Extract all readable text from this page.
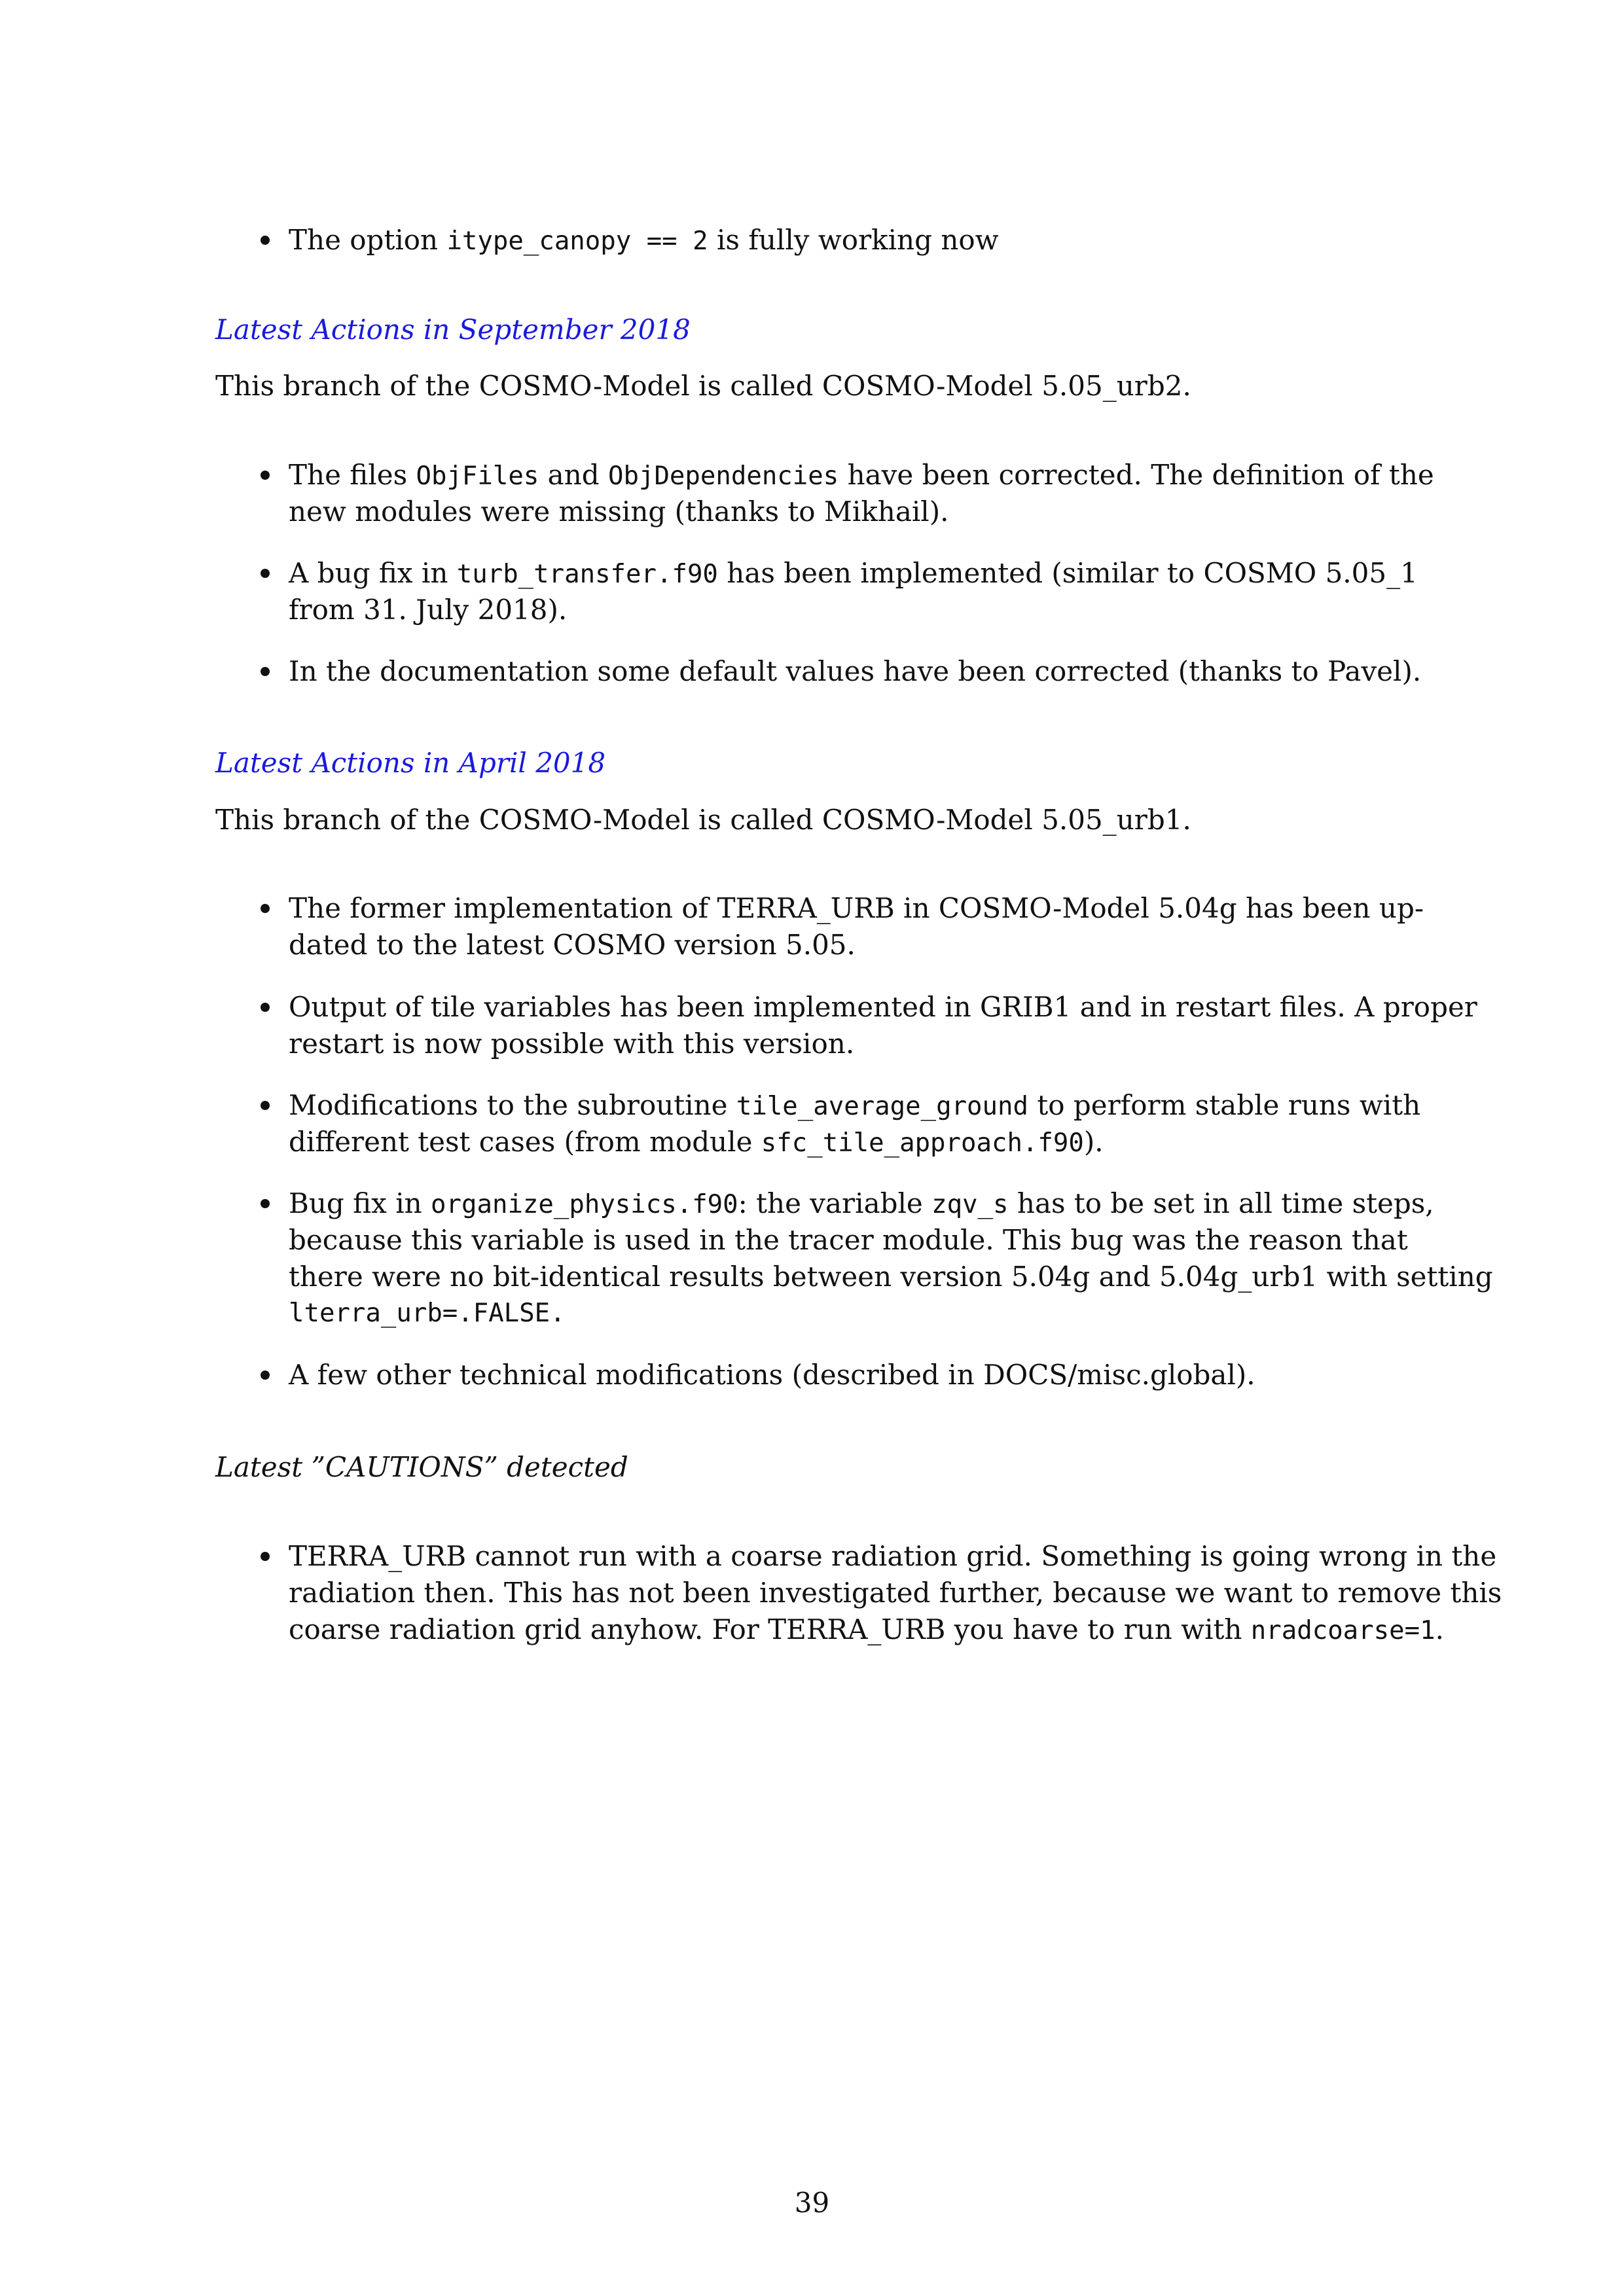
The option itype_canopy == 2 is fully working now
Latest Actions in September 2018
This branch of the COSMO-Model is called COSMO-Model 5.05_urb2.
The files ObjFiles and ObjDependencies have been corrected. The definition of the
new modules were missing (thanks to Mikhail).
A bug fix in turb_transfer.f90 has been implemented (similar to COSMO 5.05_1
from 31. July 2018).
In the documentation some default values have been corrected (thanks to Pavel).
Latest Actions in April 2018
This branch of the COSMO-Model is called COSMO-Model 5.05_urb1.
The former implementation of TERRA_URB in COSMO-Model 5.04g has been up-
dated to the latest COSMO version 5.05.
Output of tile variables has been implemented in GRIB1 and in restart files. A proper
restart is now possible with this version.
Modifications to the subroutine tile_average_ground to perform stable runs with
different test cases (from module sfc_tile_approach.f90).
Bug fix in organize_physics.f90: the variable zqv_s has to be set in all time steps,
because this variable is used in the tracer module. This bug was the reason that
there were no bit-identical results between version 5.04g and 5.04g_urb1 with setting
lterra_urb=.FALSE.
A few other technical modifications (described in DOCS/misc.global).
Latest ”CAUTIONS” detected
TERRA_URB cannot run with a coarse radiation grid. Something is going wrong in the
radiation then. This has not been investigated further, because we want to remove this
coarse radiation grid anyhow. For TERRA_URB you have to run with nradcoarse=1.
39
